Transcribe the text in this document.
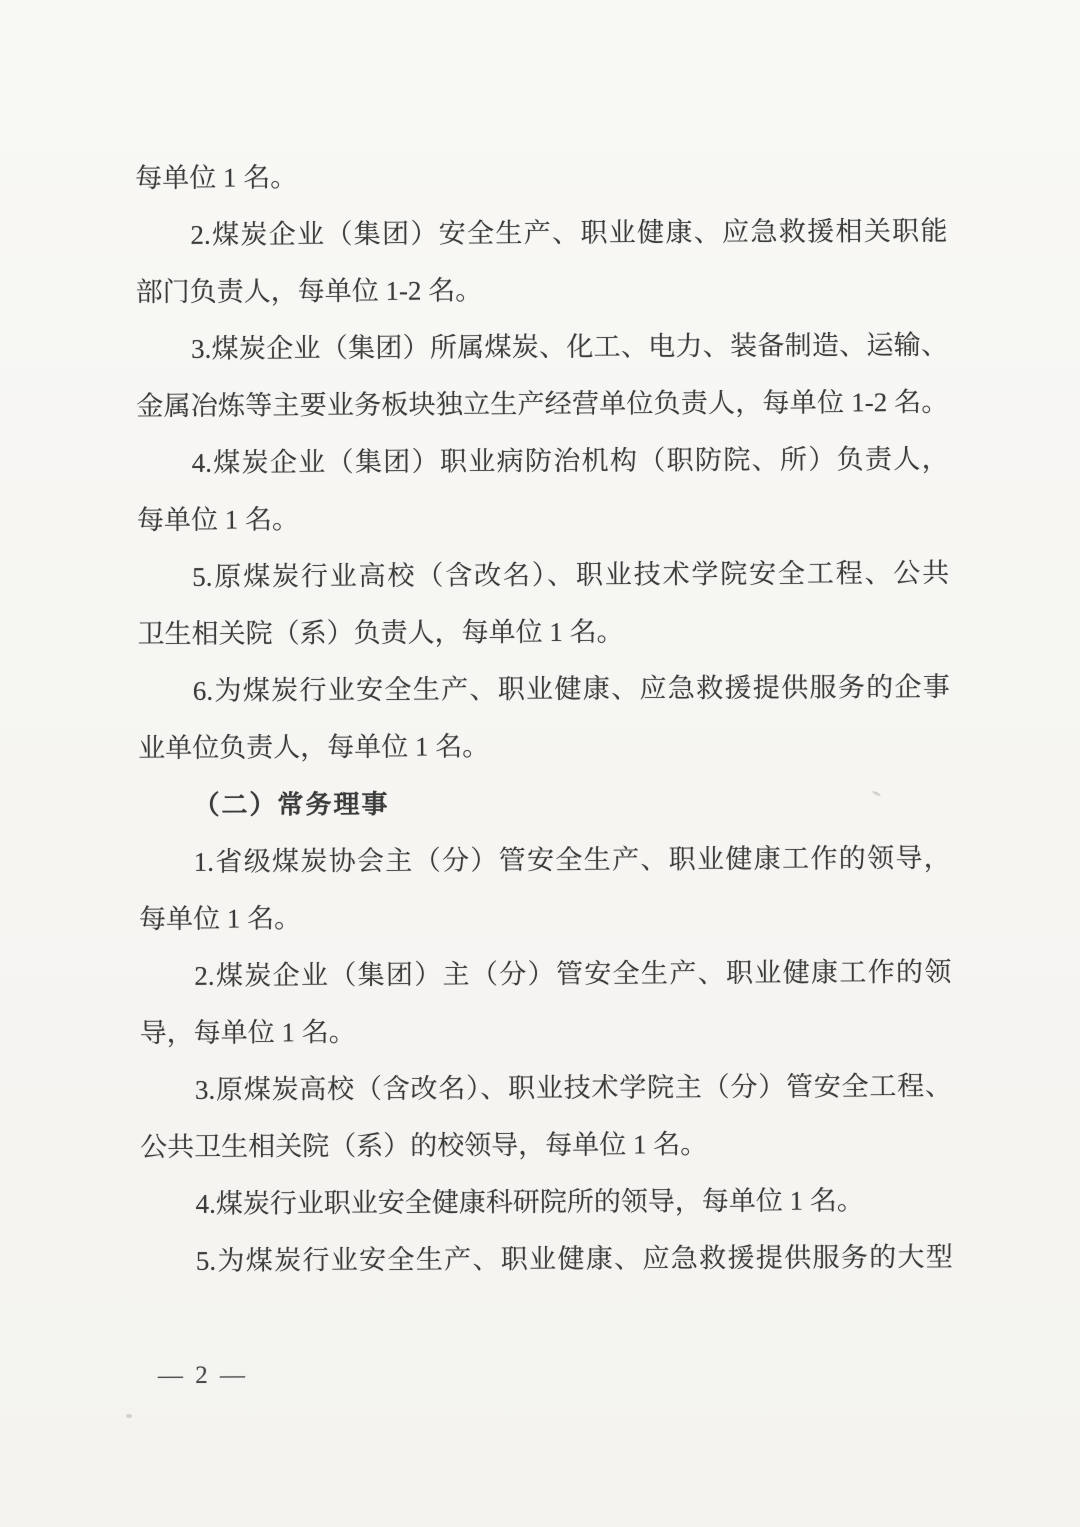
每单位 1 名。
2.煤炭企业（集团）安全生产、职业健康、应急救援相关职能
部门负责人，每单位 1-2 名。
3.煤炭企业（集团）所属煤炭、化工、电力、装备制造、运输、
金属冶炼等主要业务板块独立生产经营单位负责人，每单位 1-2 名。
4.煤炭企业（集团）职业病防治机构（职防院、所）负责人，
每单位 1 名。
5.原煤炭行业高校（含改名）、职业技术学院安全工程、公共
卫生相关院（系）负责人，每单位 1 名。
6.为煤炭行业安全生产、职业健康、应急救援提供服务的企事
业单位负责人，每单位 1 名。
（二）常务理事
1.省级煤炭协会主（分）管安全生产、职业健康工作的领导，
每单位 1 名。
2.煤炭企业（集团）主（分）管安全生产、职业健康工作的领
导，每单位 1 名。
3.原煤炭高校（含改名）、职业技术学院主（分）管安全工程、
公共卫生相关院（系）的校领导，每单位 1 名。
4.煤炭行业职业安全健康科研院所的领导，每单位 1 名。
5.为煤炭行业安全生产、职业健康、应急救援提供服务的大型
— 2 —
